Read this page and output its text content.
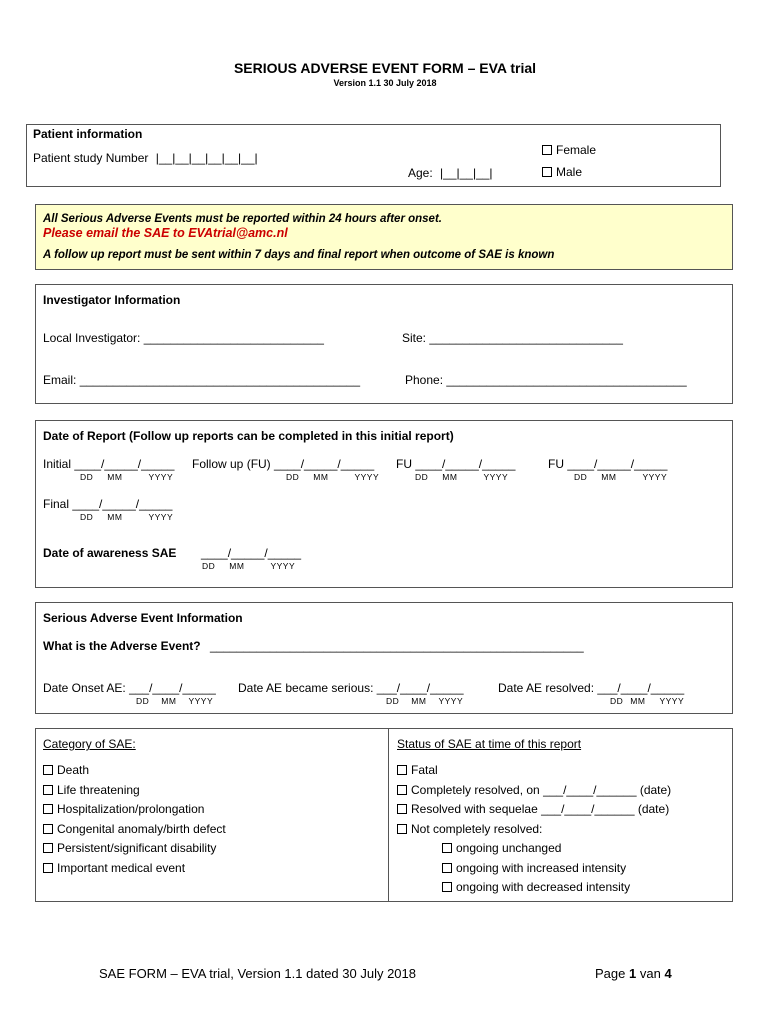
SERIOUS ADVERSE EVENT FORM – EVA trial
Version 1.1 30 July 2018
Patient information
Patient study Number |__|__|__|__|__|__|
Age: |__|__|__|
Female
Male
All Serious Adverse Events must be reported within 24 hours after onset.
Please email the SAE to EVAtrial@amc.nl
A follow up report must be sent within 7 days and final report when outcome of SAE is known
Investigator Information
Local Investigator: ___________________________	Site: _____________________________
Email: __________________________________________	Phone: ____________________________________
Date of Report (Follow up reports can be completed in this initial report)
Initial ____/_____/_____
DD MM	YYYY
Follow up (FU) ____/_____/_____
DD MM	YYYY
FU ____/_____/_____
DD MM	YYYY
FU ____/_____/_____
DD MM	YYYY
Final ____/_____/_____
DD MM	YYYY
Date of awareness SAE ____/_____/_____
DD MM	YYYY
Serious Adverse Event Information
What is the Adverse Event? ________________________________________________________
Date Onset AE: ___/____/_____
DD MM YYYY
Date AE became serious: ___/____/_____
DD MM YYYY
Date AE resolved: ___/____/_____
DD MM YYYY
Category of SAE:
Death
Life threatening
Hospitalization/prolongation
Congenital anomaly/birth defect
Persistent/significant disability
Important medical event
Status of SAE at time of this report
Fatal
Completely resolved, on ___/____/______ (date)
Resolved with sequelae ___/____/______ (date)
Not completely resolved:
ongoing unchanged
ongoing with increased intensity
ongoing with decreased intensity
SAE FORM – EVA trial, Version 1.1 dated 30 July 2018	Page 1 van 4
